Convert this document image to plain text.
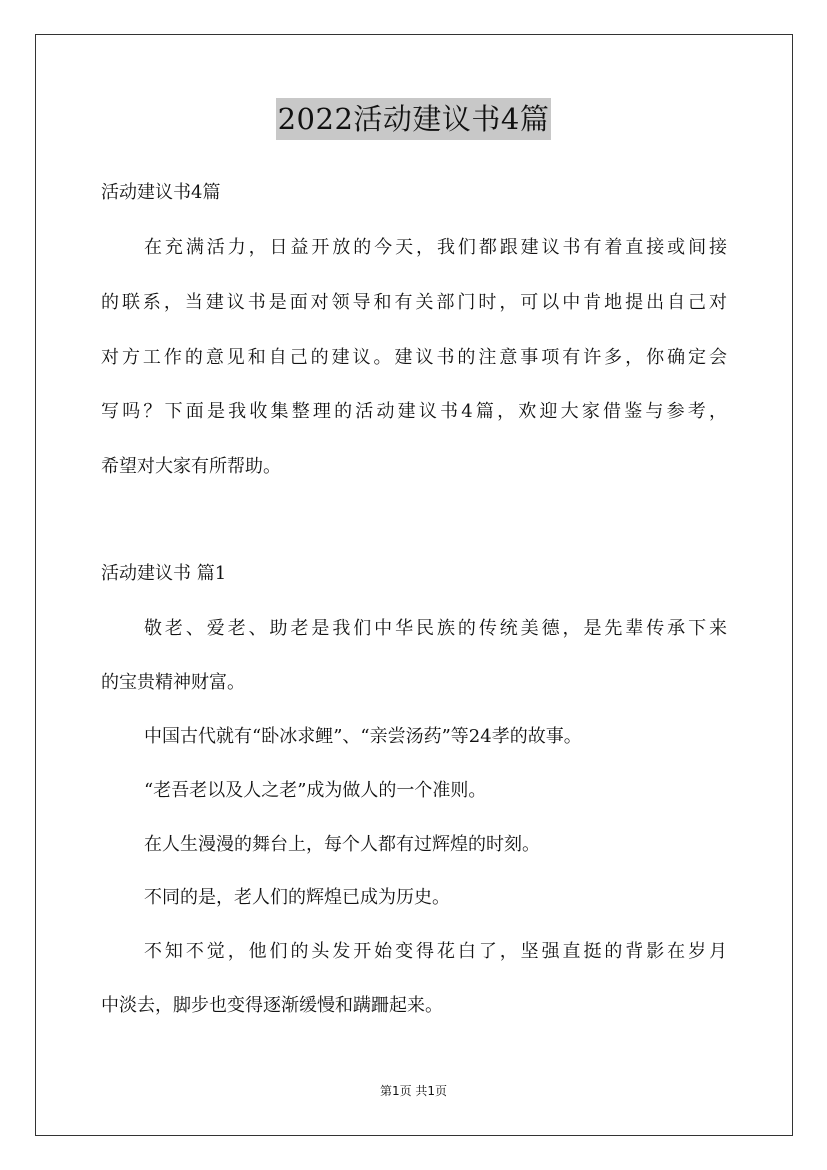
2022活动建议书4篇
活动建议书4篇
在充满活力，日益开放的今天，我们都跟建议书有着直接或间接
的联系，当建议书是面对领导和有关部门时，可以中肯地提出自己对
对方工作的意见和自己的建议。建议书的注意事项有许多，你确定会
写吗？下面是我收集整理的活动建议书4篇，欢迎大家借鉴与参考，
希望对大家有所帮助。
活动建议书 篇1
敬老、爱老、助老是我们中华民族的传统美德，是先辈传承下来
的宝贵精神财富。
中国古代就有“卧冰求鲤”、“亲尝汤药”等24孝的故事。
“老吾老以及人之老”成为做人的一个准则。
在人生漫漫的舞台上，每个人都有过辉煌的时刻。
不同的是，老人们的辉煌已成为历史。
不知不觉，他们的头发开始变得花白了，坚强直挺的背影在岁月
中淡去，脚步也变得逐渐缓慢和蹒跚起来。
第1页 共1页
